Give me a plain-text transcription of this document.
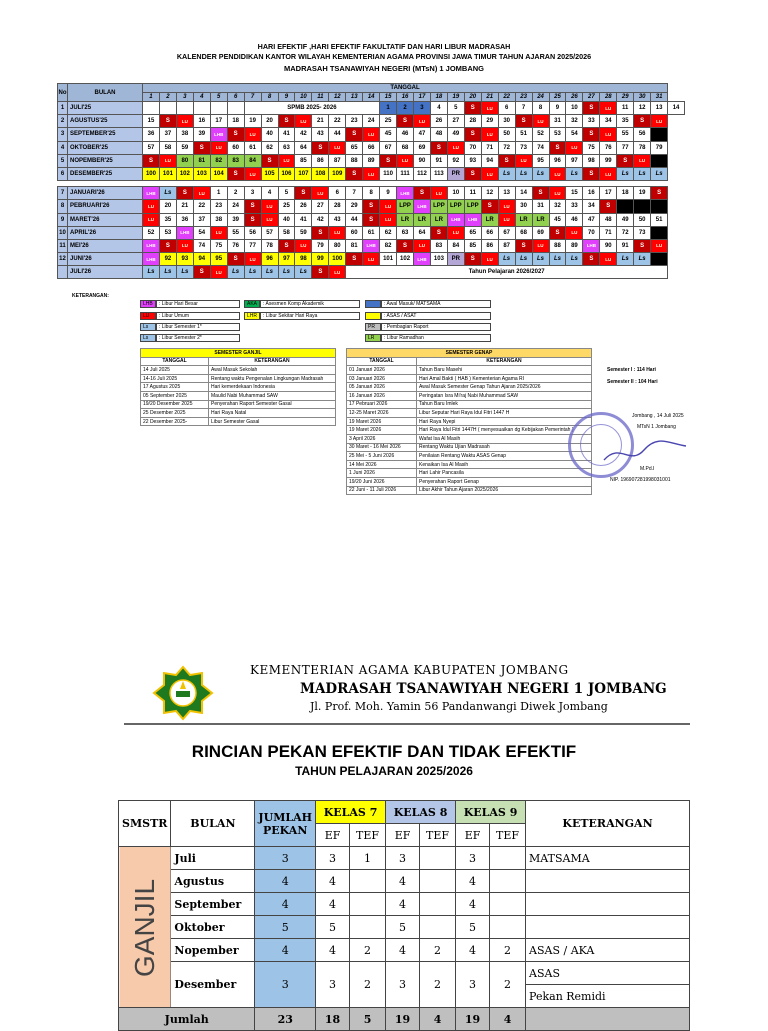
HARI EFEKTIF ,HARI EFEKTIF FAKULTATIF DAN HARI LIBUR MADRASAH
KALENDER PENDIDIKAN KANTOR WILAYAH KEMENTERIAN AGAMA PROVINSI JAWA TIMUR TAHUN AJARAN 2025/2026
MADRASAH TSANAWIYAH NEGERI (MTsN) 1 JOMBANG
No	BULAN	TANGGAL																															
		1	2	3	4	5	6	7	8	9	10	11	12	13	14	15	16	17	18	19	20	21	22	23	24	25	26	27	28	29	30	31	
1	JULI'25							SPMB 2025- 2026								1	2	3	4	5	S	LU	6	7	8	9	10	S	LU	11	12	13	14
2	AGUSTUS'25	15	S	LU	16	17	18	19	20	S	LU	21	22	23	24	25	S	LU	26	27	28	29	30	S	LU	31	32	33	34	35	S	LU	
3	SEPTEMBER'25	36	37	38	39	LHB	S	LU	40	41	42	43	44	S	LU	45	46	47	48	49	S	LU	50	51	52	53	54	S	LU	55	56		
4	OKTOBER'25	57	58	59	S	LU	60	61	62	63	64	S	LU	65	66	67	68	69	S	LU	70	71	72	73	74	S	LU	75	76	77	78	79	
5	NOPEMBER'25	S	LU	80	81	82	83	84	S	LU	85	86	87	88	89	S	LU	90	91	92	93	94	S	LU	95	96	97	98	99	S	LU		
6	DESEMBER'25	100	101	102	103	104	S	LU	105	106	107	108	109	S	LU	110	111	112	113	PR	S	LU	Ls	Ls	Ls	LU	Ls	S	LU	Ls	Ls	Ls	

7	JANUARI'26	LHB	Ls	S	LU	1	2	3	4	5	S	LU	6	7	8	9	LHB	S	LU	10	11	12	13	14	S	LU	15	16	17	18	19	S	
8	PEBRUARI'26	LU	20	21	22	23	24	S	LU	25	26	27	28	29	S	LU	LPP	LHB	LPP	LPP	LPP	S	LU	30	31	32	33	34	S				
9	MARET'26	LU	35	36	37	38	39	S	LU	40	41	42	43	44	S	LU	LR	LR	LR	LHB	LHB	LR	LU	LR	LR	45	46	47	48	49	50	51	
10	APRIL'26	52	53	LHB	54	LU	55	56	57	58	59	S	LU	60	61	62	63	64	S	LU	65	66	67	68	69	S	LU	70	71	72	73		
11	MEI'26	LHB	S	LU	74	75	76	77	78	S	LU	79	80	81	LHB	82	S	LU	83	84	85	86	87	S	LU	88	89	LHB	90	91	S	LU	
12	JUNI'26	LHB	92	93	94	95	S	LU	96	97	98	99	100	S	LU	101	102	LHB	103	PR	S	LU	Ls	Ls	Ls	Ls	Ls	S	LU	Ls	Ls		
	JULI'26	Ls	Ls	Ls	S	LU	Ls	Ls	Ls	Ls	Ls	S	LU	Tahun Pelajaran 2026/2027																			
KETERANGAN:
LHB	: Libur Hari Besar
LU	: Libur Umum
Ls	: Libur Semester 1*
Ls	: Libur Semester 2*
AKA	: Asesmen Komp Akademik
LHR	: Libur Sekitar Hari Raya
: Awal Masuk/ MATSAMA
: ASAS / ASAT
PR	: Pembagian Raport
LR	: Libur Ramadhan
SEMESTER GANJIL	
TANGGAL	KETERANGAN
14 Juli 2025	Awal Masuk Sekolah
14-16 Juli 2025	Rentang waktu Pengenalan Lingkungan Madrasah
17 Agustus 2025	Hari kemerdekaan Indonesia
05 September 2025	Maulid Nabi Muhammad SAW
19/20 Desember 2025	Penyerahan Raport Semester Gasal
25 Desember 2025	Hari Raya Natal
22 Desember 2025-	Libur Semester Gasal
SEMESTER GENAP	
TANGGAL	KETERANGAN
01 Januari 2026	Tahun Baru Masehi
03 Januari 2026	Hari Amal Bakti ( HAB ) Kementerian Agama RI
05 Januari 2026	Awal Masuk Semester Genap Tahun Ajaran 2025/2026
16 Januari 2026	Peringatan Isra Mi'raj Nabi Muhammad SAW
17 Pebruari 2026	Tahun Baru Imlek
12-25 Maret 2026	Libur Seputar Hari Raya Idul Fitri 1447 H
19 Maret 2026	Hari Raya Nyepi
19 Maret 2026	Hari Raya Idul Fitri 1447H ( menyesuaikan dg Kebijakan Pemerintah )
3 April 2026	Wafat Isa Al Masih
30 Maret - 16 Mei 2026	Rentang Waktu Ujian Madrasah
25 Mei - 5 Juni 2026	Penilaian Rentang Waktu ASAS Genap
14 Mei 2026	Kenaikan Isa Al Masih
1 Juni 2026	Hari Lahir Pancasila
19/20 Juni 2026	Penyerahan Raport Genap
22 Juni - 11 Juli 2026	Libur Akhir Tahun Ajaran 2025/2026
Semester I : 114 Hari
Semester II : 104 Hari
Jombang , 14 Juli 2025
MTsN 1 Jombang
M.Pd.I
NIP. 196907281998031001
KEMENTERIAN AGAMA KABUPATEN JOMBANG
MADRASAH TSANAWIYAH NEGERI 1 JOMBANG
Jl. Prof. Moh. Yamin 56 Pandanwangi Diwek Jombang
RINCIAN PEKAN EFEKTIF DAN TIDAK EFEKTIF
TAHUN PELAJARAN 2025/2026
SMSTR	BULAN	JUMLAH
PEKAN	KELAS 7		KELAS 8		KELAS 9		KETERANGAN
			EF	TEF	EF	TEF	EF	TEF	
GANJIL	Juli	3	3	1	3		3		MATSAMA
	Agustus	4	4		4		4		
	September	4	4		4		4		
	Oktober	5	5		5		5		
	Nopember	4	4	2	4	2	4	2	ASAS / AKA
	Desember	3	3	2	3	2	3	2	ASAS
									Pekan Remidi
Jumlah		23	18	5	19	4	19	4	
